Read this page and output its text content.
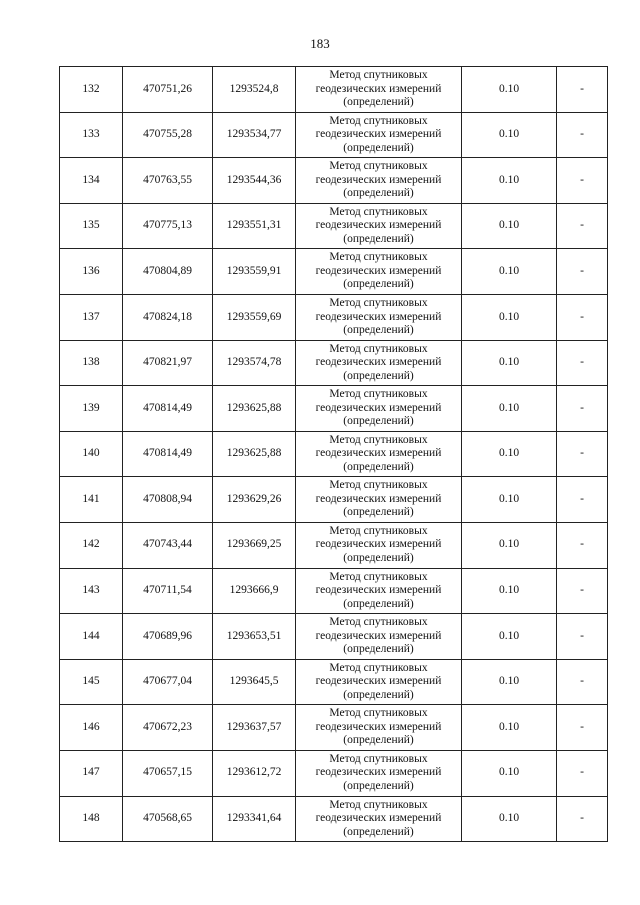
183
132	470751,26	1293524,8	Метод спутниковых
геодезических измерений
(определений)	0.10	-
133	470755,28	1293534,77	Метод спутниковых
геодезических измерений
(определений)	0.10	-
134	470763,55	1293544,36	Метод спутниковых
геодезических измерений
(определений)	0.10	-
135	470775,13	1293551,31	Метод спутниковых
геодезических измерений
(определений)	0.10	-
136	470804,89	1293559,91	Метод спутниковых
геодезических измерений
(определений)	0.10	-
137	470824,18	1293559,69	Метод спутниковых
геодезических измерений
(определений)	0.10	-
138	470821,97	1293574,78	Метод спутниковых
геодезических измерений
(определений)	0.10	-
139	470814,49	1293625,88	Метод спутниковых
геодезических измерений
(определений)	0.10	-
140	470814,49	1293625,88	Метод спутниковых
геодезических измерений
(определений)	0.10	-
141	470808,94	1293629,26	Метод спутниковых
геодезических измерений
(определений)	0.10	-
142	470743,44	1293669,25	Метод спутниковых
геодезических измерений
(определений)	0.10	-
143	470711,54	1293666,9	Метод спутниковых
геодезических измерений
(определений)	0.10	-
144	470689,96	1293653,51	Метод спутниковых
геодезических измерений
(определений)	0.10	-
145	470677,04	1293645,5	Метод спутниковых
геодезических измерений
(определений)	0.10	-
146	470672,23	1293637,57	Метод спутниковых
геодезических измерений
(определений)	0.10	-
147	470657,15	1293612,72	Метод спутниковых
геодезических измерений
(определений)	0.10	-
148	470568,65	1293341,64	Метод спутниковых
геодезических измерений
(определений)	0.10	-
